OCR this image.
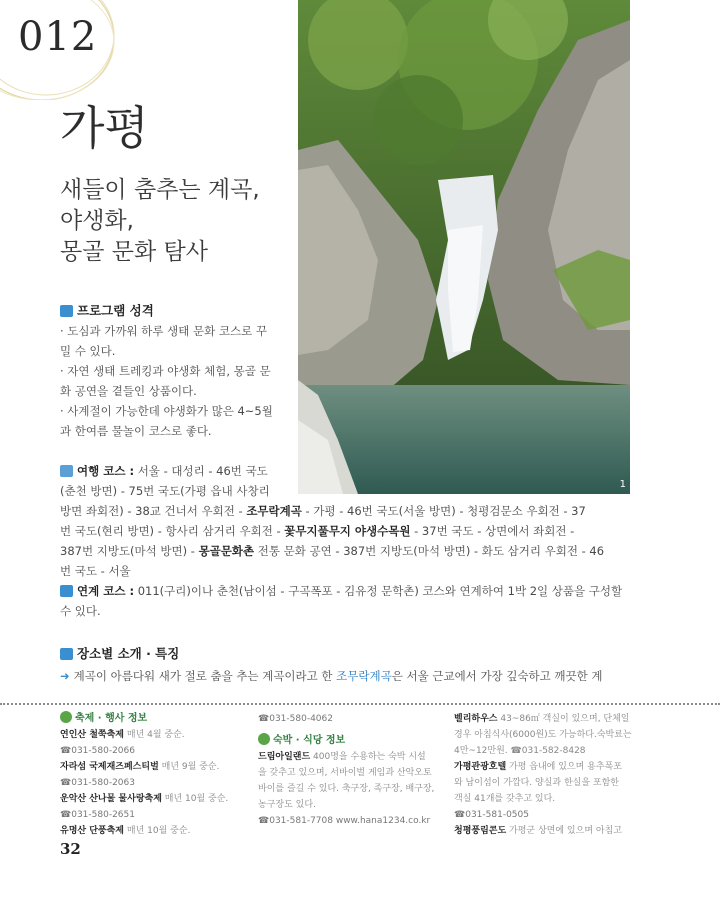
012
가평
새들이 춤추는 계곡,
야생화,
몽골 문화 탐사
1
프로그램 성격
· 도심과 가까워 하루 생태 문화 코스로 꾸
밀 수 있다.
· 자연 생태 트레킹과 야생화 체험, 몽골 문
화 공연을 곁들인 상품이다.
· 사계절이 가능한데 야생화가 많은 4~5월
과 한여름 물놀이 코스로 좋다.
여행 코스 : 서울 - 대성리 - 46번 국도
(춘천 방면) - 75번 국도(가평 읍내 사창리
방면 좌회전) - 38교 건너서 우회전 - 조무락계곡 - 가평 - 46번 국도(서울 방면) - 청평검문소 우회전 - 37
번 국도(현리 방면) - 항사리 삼거리 우회전 - 꽃무지풀무지 야생수목원 - 37번 국도 - 상면에서 좌회전 -
387번 지방도(마석 방면) - 몽골문화촌 전통 문화 공연 - 387번 지방도(마석 방면) - 화도 삼거리 우회전 - 46
번 국도 - 서울
연계 코스 : 011(구리)이나 춘천(남이섬 - 구곡폭포 - 김유정 문학촌) 코스와 연계하여 1박 2일 상품을 구성할
수 있다.
장소별 소개 · 특징
➜ 계곡이 아름다워 새가 절로 춤을 추는 계곡이라고 한 조무락계곡은 서울 근교에서 가장 깊숙하고 깨끗한 계
축제 · 행사 정보
연인산 철쭉축제 매년 4월 중순.
☎031-580-2066
자라섬 국제재즈페스티벌 매년 9월 중순.
☎031-580-2063
운악산 산나물 물사랑축제 매년 10월 중순.
☎031-580-2651
유명산 단풍축제 매년 10월 중순.
☎031-580-4062
숙박 · 식당 정보
드림아일랜드 400명을 수용하는 숙박 시설
을 갖추고 있으며, 서바이벌 게임과 산악오토
바이를 즐길 수 있다. 축구장, 족구장, 배구장,
농구장도 있다.
☎031-581-7708 www.hana1234.co.kr
벨리하우스 43~86㎡ 객실이 있으며, 단체일
경우 아침식사(6000원)도 가능하다.숙박료는
4만~12만원. ☎031-582-8428
가평관광호텔 가평 읍내에 있으며 용추폭포
와 남이섬이 가깝다. 양실과 한실을 포함한
객실 41개를 갖추고 있다.
☎031-581-0505
청평풍림콘도 가평군 상면에 있으며 아침고
32
